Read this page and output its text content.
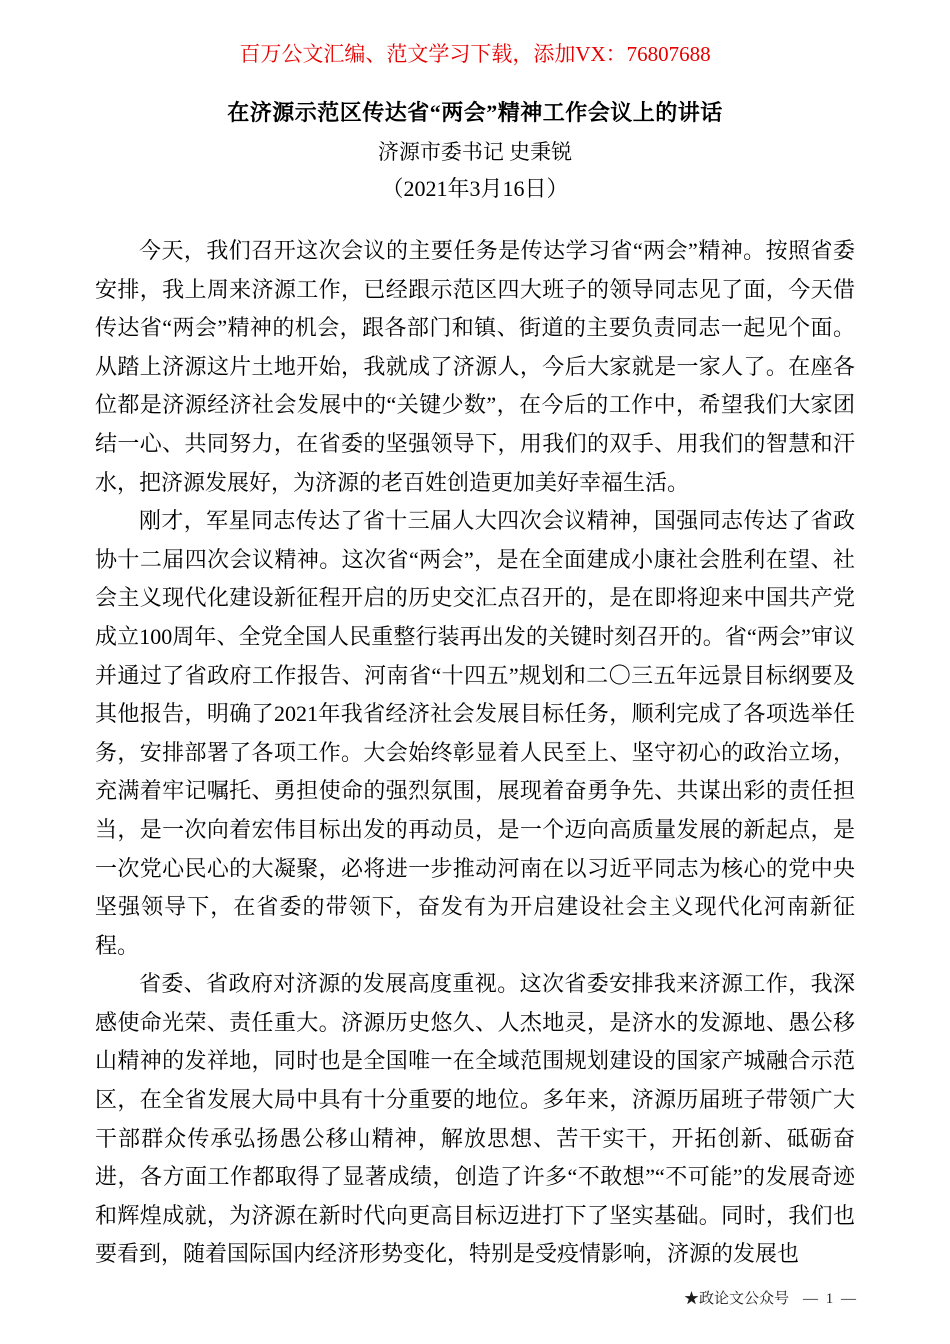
百万公文汇编、范文学习下载，添加VX：76807688
在济源示范区传达省“两会”精神工作会议上的讲话
济源市委书记 史秉锐
（2021年3月16日）

今天，我们召开这次会议的主要任务是传达学习省“两会”精神。按照省委安排，我上周来济源工作，已经跟示范区四大班子的领导同志见了面，今天借传达省“两会”精神的机会，跟各部门和镇、街道的主要负责同志一起见个面。从踏上济源这片土地开始，我就成了济源人，今后大家就是一家人了。在座各位都是济源经济社会发展中的“关键少数”，在今后的工作中，希望我们大家团结一心、共同努力，在省委的坚强领导下，用我们的双手、用我们的智慧和汗水，把济源发展好，为济源的老百姓创造更加美好幸福生活。

刚才，军星同志传达了省十三届人大四次会议精神，国强同志传达了省政协十二届四次会议精神。这次省“两会”，是在全面建成小康社会胜利在望、社会主义现代化建设新征程开启的历史交汇点召开的，是在即将迎来中国共产党成立100周年、全党全国人民重整行装再出发的关键时刻召开的。省“两会”审议并通过了省政府工作报告、河南省“十四五”规划和二〇三五年远景目标纲要及其他报告，明确了2021年我省经济社会发展目标任务，顺利完成了各项选举任务，安排部署了各项工作。大会始终彰显着人民至上、坚守初心的政治立场，充满着牢记嘱托、勇担使命的强烈氛围，展现着奋勇争先、共谋出彩的责任担当，是一次向着宏伟目标出发的再动员，是一个迈向高质量发展的新起点，是一次党心民心的大凝聚，必将进一步推动河南在以习近平同志为核心的党中央坚强领导下，在省委的带领下，奋发有为开启建设社会主义现代化河南新征程。

省委、省政府对济源的发展高度重视。这次省委安排我来济源工作，我深感使命光荣、责任重大。济源历史悠久、人杰地灵，是济水的发源地、愚公移山精神的发祥地，同时也是全国唯一在全域范围规划建设的国家产城融合示范区，在全省发展大局中具有十分重要的地位。多年来，济源历届班子带领广大干部群众传承弘扬愚公移山精神，解放思想、苦干实干，开拓创新、砥砺奋进，各方面工作都取得了显著成绩，创造了许多“不敢想”“不可能”的发展奇迹和辉煌成就，为济源在新时代向更高目标迈进打下了坚实基础。同时，我们也要看到，随着国际国内经济形势变化，特别是受疫情影响，济源的发展也

★政论文公众号 — 1 —
